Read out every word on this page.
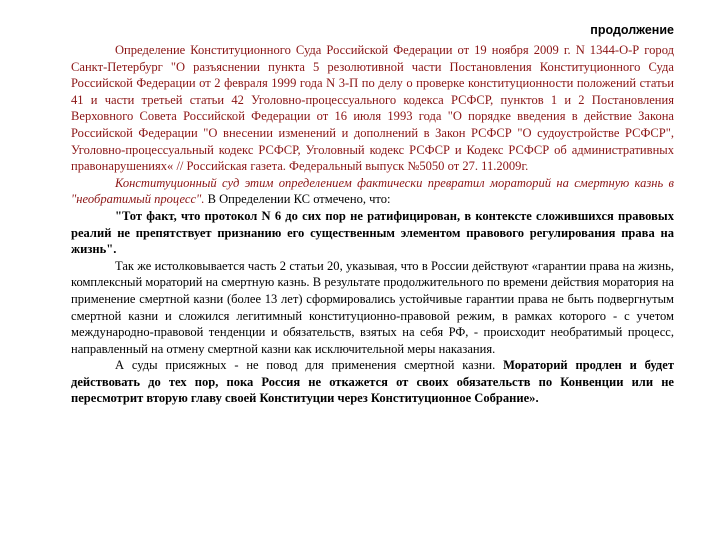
продолжение

Определение Конституционного Суда Российской Федерации от 19 ноября 2009 г. N 1344-О-Р город Санкт-Петербург "О разъяснении пункта 5 резолютивной части Постановления Конституционного Суда Российской Федерации от 2 февраля 1999 года N 3-П по делу о проверке конституционности положений статьи 41 и части третьей статьи 42 Уголовно-процессуального кодекса РСФСР, пунктов 1 и 2 Постановления Верховного Совета Российской Федерации от 16 июля 1993 года "О порядке введения в действие Закона Российской Федерации "О внесении изменений и дополнений в Закон РСФСР "О судоустройстве РСФСР", Уголовно-процессуальный кодекс РСФСР, Уголовный кодекс РСФСР и Кодекс РСФСР об административных правонарушениях« // Российская газета. Федеральный выпуск №5050 от 27. 11.2009г.

Конституционный суд этим определением фактически превратил мораторий на смертную казнь в "необратимый процесс". В Определении КС отмечено, что:

"Тот факт, что протокол N 6 до сих пор не ратифицирован, в контексте сложившихся правовых реалий не препятствует признанию его существенным элементом правового регулирования права на жизнь".

Так же истолковывается часть 2 статьи 20, указывая, что в России действуют «гарантии права на жизнь, комплексный мораторий на смертную казнь. В результате продолжительного по времени действия моратория на применение смертной казни (более 13 лет) сформировались устойчивые гарантии права не быть подвергнутым смертной казни и сложился легитимный конституционно-правовой режим, в рамках которого - с учетом международно-правовой тенденции и обязательств, взятых на себя РФ, - происходит необратимый процесс, направленный на отмену смертной казни как исключительной меры наказания.

А суды присяжных - не повод для применения смертной казни. Мораторий продлен и будет действовать до тех пор, пока Россия не откажется от своих обязательств по Конвенции или не пересмотрит вторую главу своей Конституции через Конституционное Собрание».
